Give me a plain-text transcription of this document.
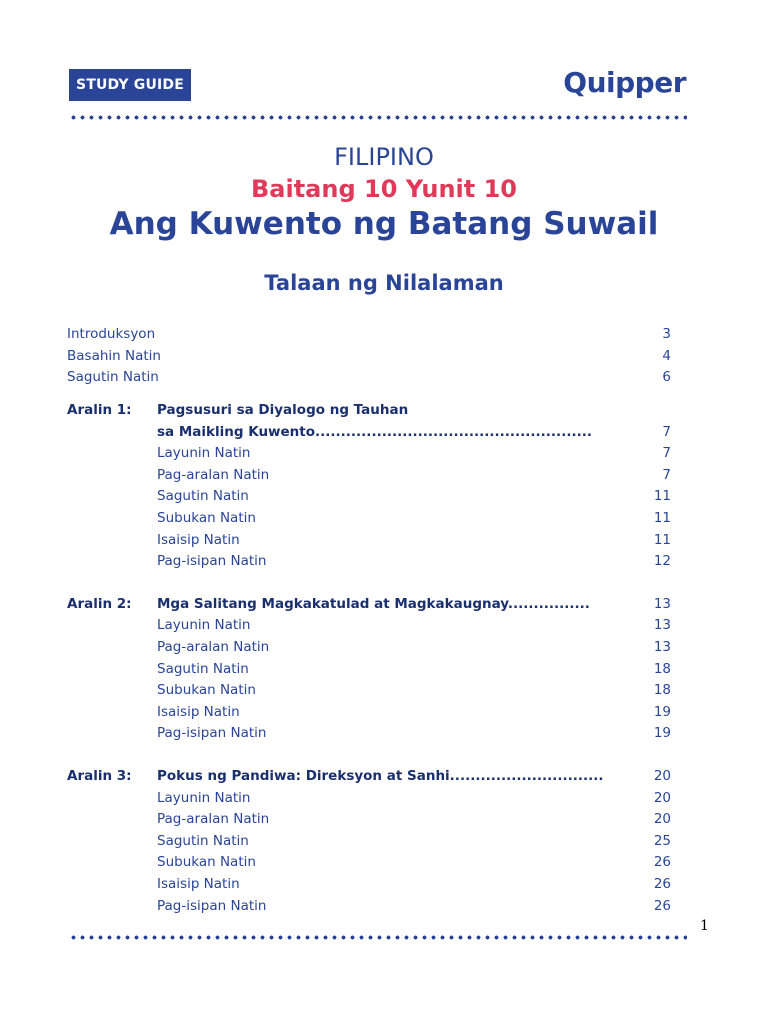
STUDY GUIDE	Quipper
FILIPINO
Baitang 10 Yunit 10
Ang Kuwento ng Batang Suwail
Talaan ng Nilalaman
Introduksyon	3
Basahin Natin	4
Sagutin Natin	6
Aralin 1: Pagsusuri sa Diyalogo ng Tauhan
sa Maikling Kuwento......................................................	7
Layunin Natin	7
Pag-aralan Natin	7
Sagutin Natin	11
Subukan Natin	11
Isaisip Natin	11
Pag-isipan Natin	12
Aralin 2: Mga Salitang Magkakatulad at Magkakaugnay................	13
Layunin Natin	13
Pag-aralan Natin	13
Sagutin Natin	18
Subukan Natin	18
Isaisip Natin	19
Pag-isipan Natin	19
Aralin 3: Pokus ng Pandiwa: Direksyon at Sanhi..............................	20
Layunin Natin	20
Pag-aralan Natin	20
Sagutin Natin	25
Subukan Natin	26
Isaisip Natin	26
Pag-isipan Natin	26
1
